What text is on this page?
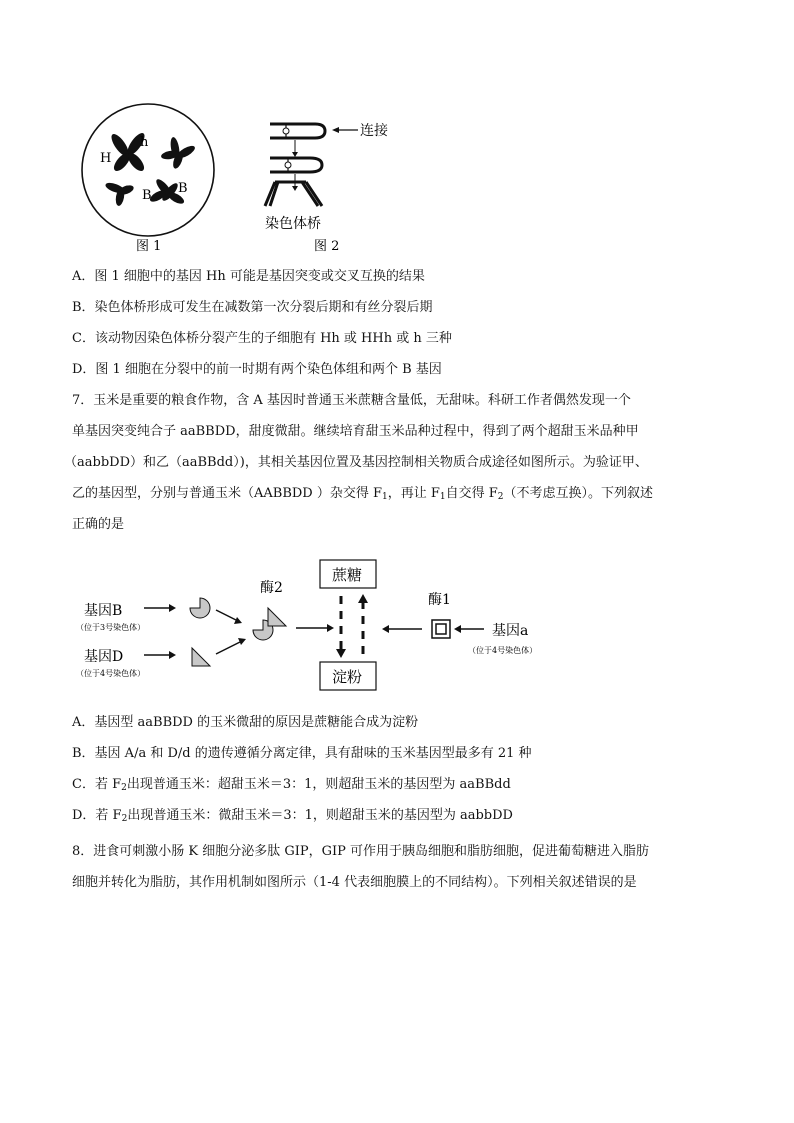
H
h
B B
图 1
连接
染色体桥
图 2
A．图 1 细胞中的基因 Hh 可能是基因突变或交叉互换的结果
B．染色体桥形成可发生在减数第一次分裂后期和有丝分裂后期
C．该动物因染色体桥分裂产生的子细胞有 Hh 或 HHh 或 h 三种
D．图 1 细胞在分裂中的前一时期有两个染色体组和两个 B 基因
7．玉米是重要的粮食作物，含 A 基因时普通玉米蔗糖含量低，无甜味。科研工作者偶然发现一个
单基因突变纯合子 aaBBDD，甜度微甜。继续培育甜玉米品种过程中，得到了两个超甜玉米品种甲
（aabbDD）和乙（aaBBdd）)，其相关基因位置及基因控制相关物质合成途径如图所示。为验证甲、
乙的基因型，分别与普通玉米（AABBDD ）杂交得 $F_1$，再让 $F_1$自交得 $F_2$（不考虑互换）。下列叙述
正确的是
基因B
（位于3号染色体）
基因D
（位于4号染色体）
酶2
蔗糖
淀粉
酶1
基因a
（位于4号染色体）
A．基因型 aaBBDD 的玉米微甜的原因是蔗糖能合成为淀粉
B．基因 A/a 和 D/d 的遗传遵循分离定律，具有甜味的玉米基因型最多有 21 种
C．若 $F_2$出现普通玉米：超甜玉米＝3：1，则超甜玉米的基因型为 aaBBdd
D．若 $F_2$出现普通玉米：微甜玉米＝3：1，则超甜玉米的基因型为 aabbDD
8．进食可刺激小肠 K 细胞分泌多肽 GIP，GIP 可作用于胰岛细胞和脂肪细胞，促进葡萄糖进入脂肪
细胞并转化为脂肪，其作用机制如图所示（1-4 代表细胞膜上的不同结构）。下列相关叙述错误的是
